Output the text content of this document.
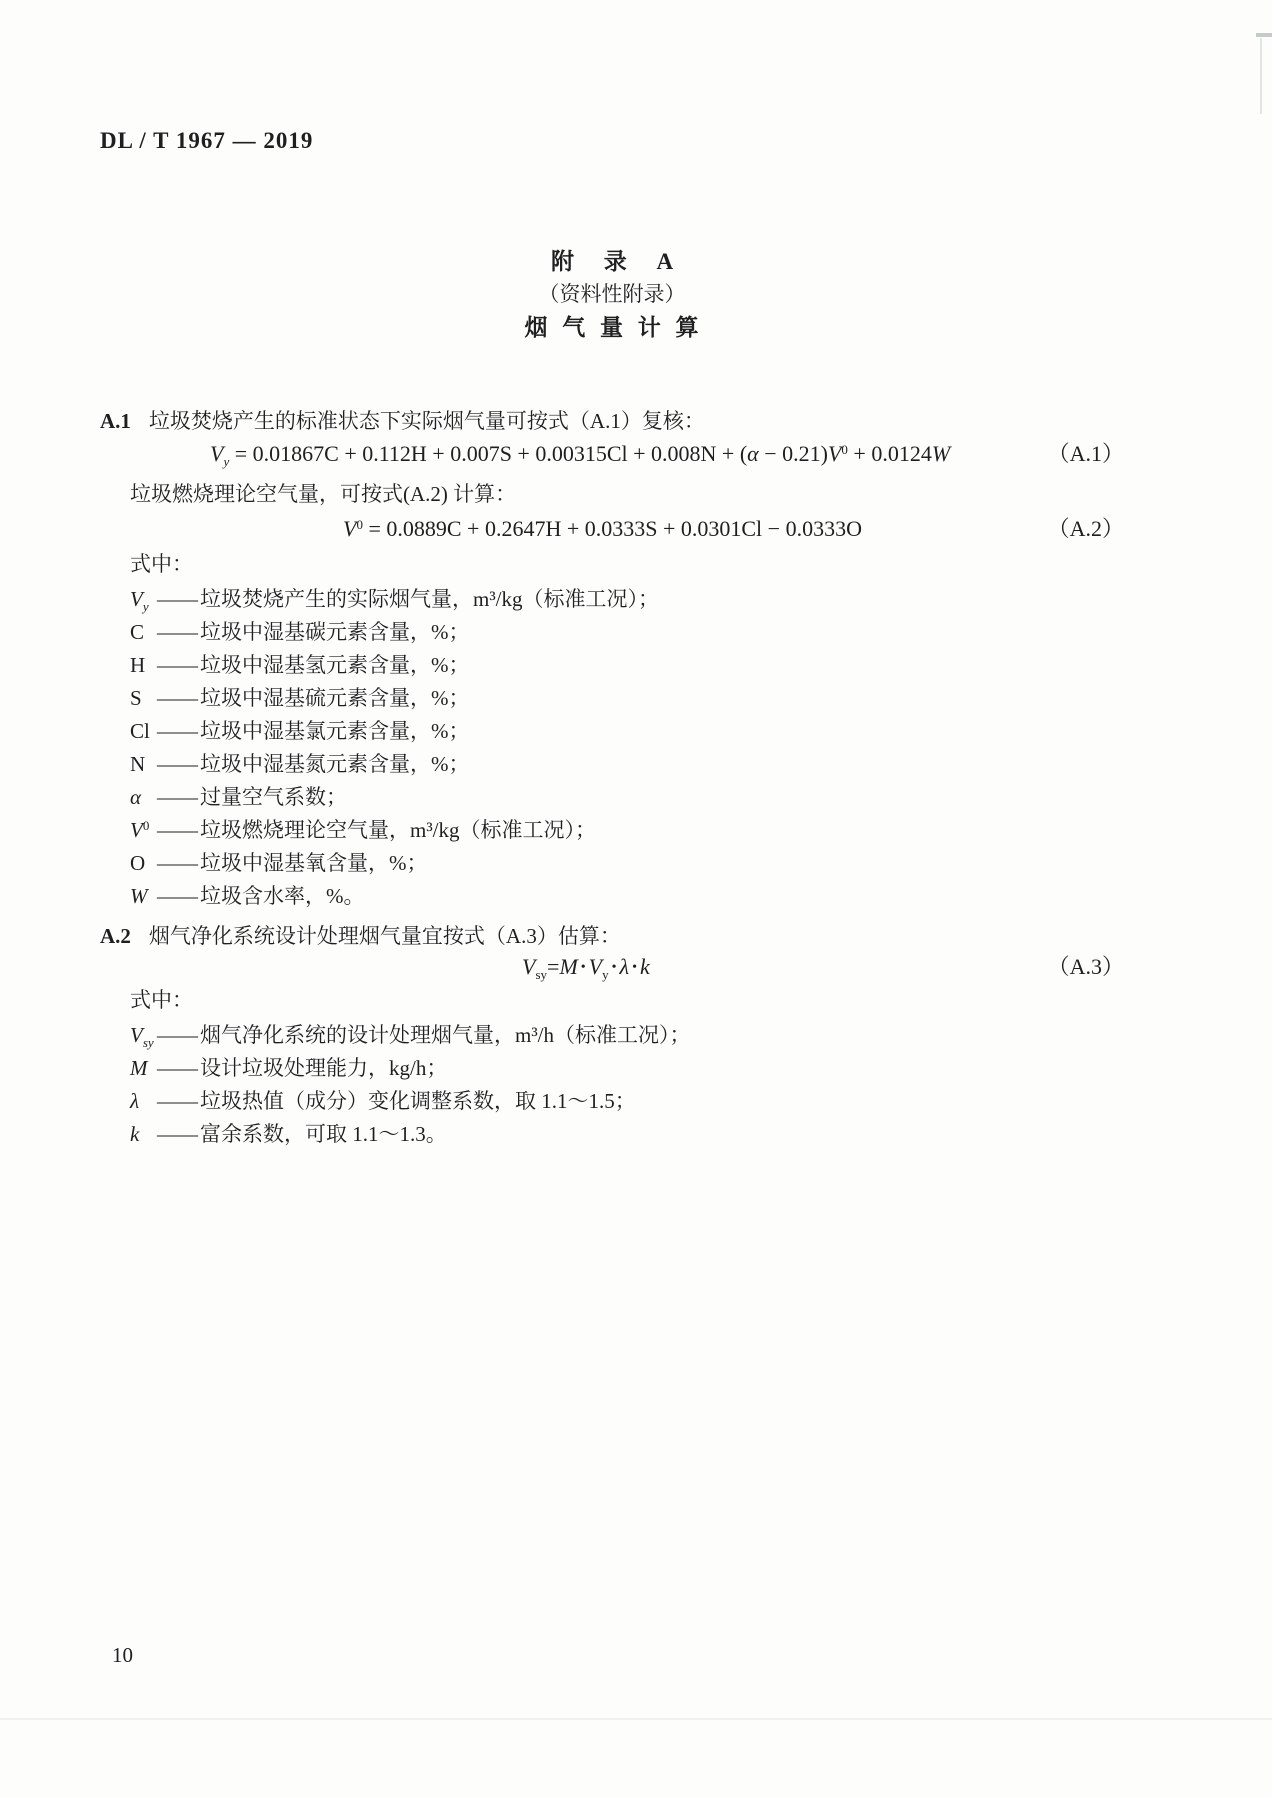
DL / T 1967 — 2019
附 录 A
（资料性附录）
烟 气 量 计 算
A.1 垃圾焚烧产生的标准状态下实际烟气量可按式（A.1）复核：
$V_y = 0.01867C + 0.112H + 0.007S + 0.00315Cl + 0.008N + (\alpha - 0.21)V^0 + 0.0124W$	（A.1）
垃圾燃烧理论空气量，可按式(A.2) 计算：
$V^0 = 0.0889C + 0.2647H + 0.0333S + 0.0301Cl - 0.0333O$	（A.2）
式中：
$V_y$ —— 垃圾焚烧产生的实际烟气量，m³/kg（标准工况）；
C —— 垃圾中湿基碳元素含量，%；
H —— 垃圾中湿基氢元素含量，%；
S —— 垃圾中湿基硫元素含量，%；
Cl —— 垃圾中湿基氯元素含量，%；
N —— 垃圾中湿基氮元素含量，%；
α —— 过量空气系数；
$V^0$ —— 垃圾燃烧理论空气量，m³/kg（标准工况）；
O —— 垃圾中湿基氧含量，%；
W —— 垃圾含水率，%。
A.2 烟气净化系统设计处理烟气量宜按式（A.3）估算：
$V_{sy}=M$ • $V_y$ • λ • k	（A.3）
式中：
$V_{sy}$ —— 烟气净化系统的设计处理烟气量，m³/h（标准工况）；
M —— 设计垃圾处理能力，kg/h；
λ —— 垃圾热值（成分）变化调整系数，取 1.1～1.5；
k —— 富余系数，可取 1.1～1.3。
10
